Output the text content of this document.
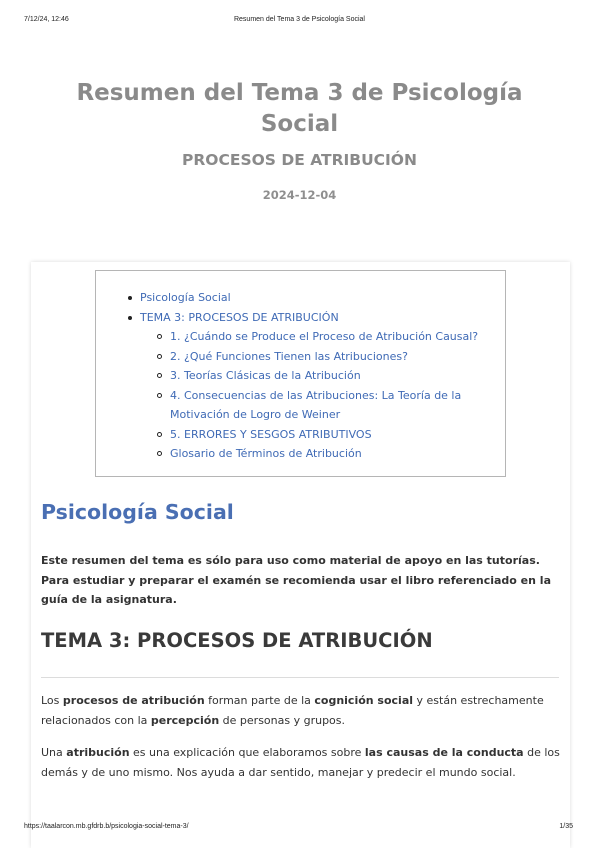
7/12/24, 12:46	Resumen del Tema 3 de Psicología Social
Resumen del Tema 3 de Psicología Social
PROCESOS DE ATRIBUCIÓN
2024-12-04
Psicología Social
TEMA 3: PROCESOS DE ATRIBUCIÓN
1. ¿Cuándo se Produce el Proceso de Atribución Causal?
2. ¿Qué Funciones Tienen las Atribuciones?
3. Teorías Clásicas de la Atribución
4. Consecuencias de las Atribuciones: La Teoría de la Motivación de Logro de Weiner
5. ERRORES Y SESGOS ATRIBUTIVOS
Glosario de Términos de Atribución
Psicología Social
Este resumen del tema es sólo para uso como material de apoyo en las tutorías. Para estudiar y preparar el examén se recomienda usar el libro referenciado en la guía de la asignatura.
TEMA 3: PROCESOS DE ATRIBUCIÓN
Los procesos de atribución forman parte de la cognición social y están estrechamente relacionados con la percepción de personas y grupos.
Una atribución es una explicación que elaboramos sobre las causas de la conducta de los demás y de uno mismo. Nos ayuda a dar sentido, manejar y predecir el mundo social.
https://taalarcon.mb.gfdrb.b/psicologia-social-tema-3/	1/35
